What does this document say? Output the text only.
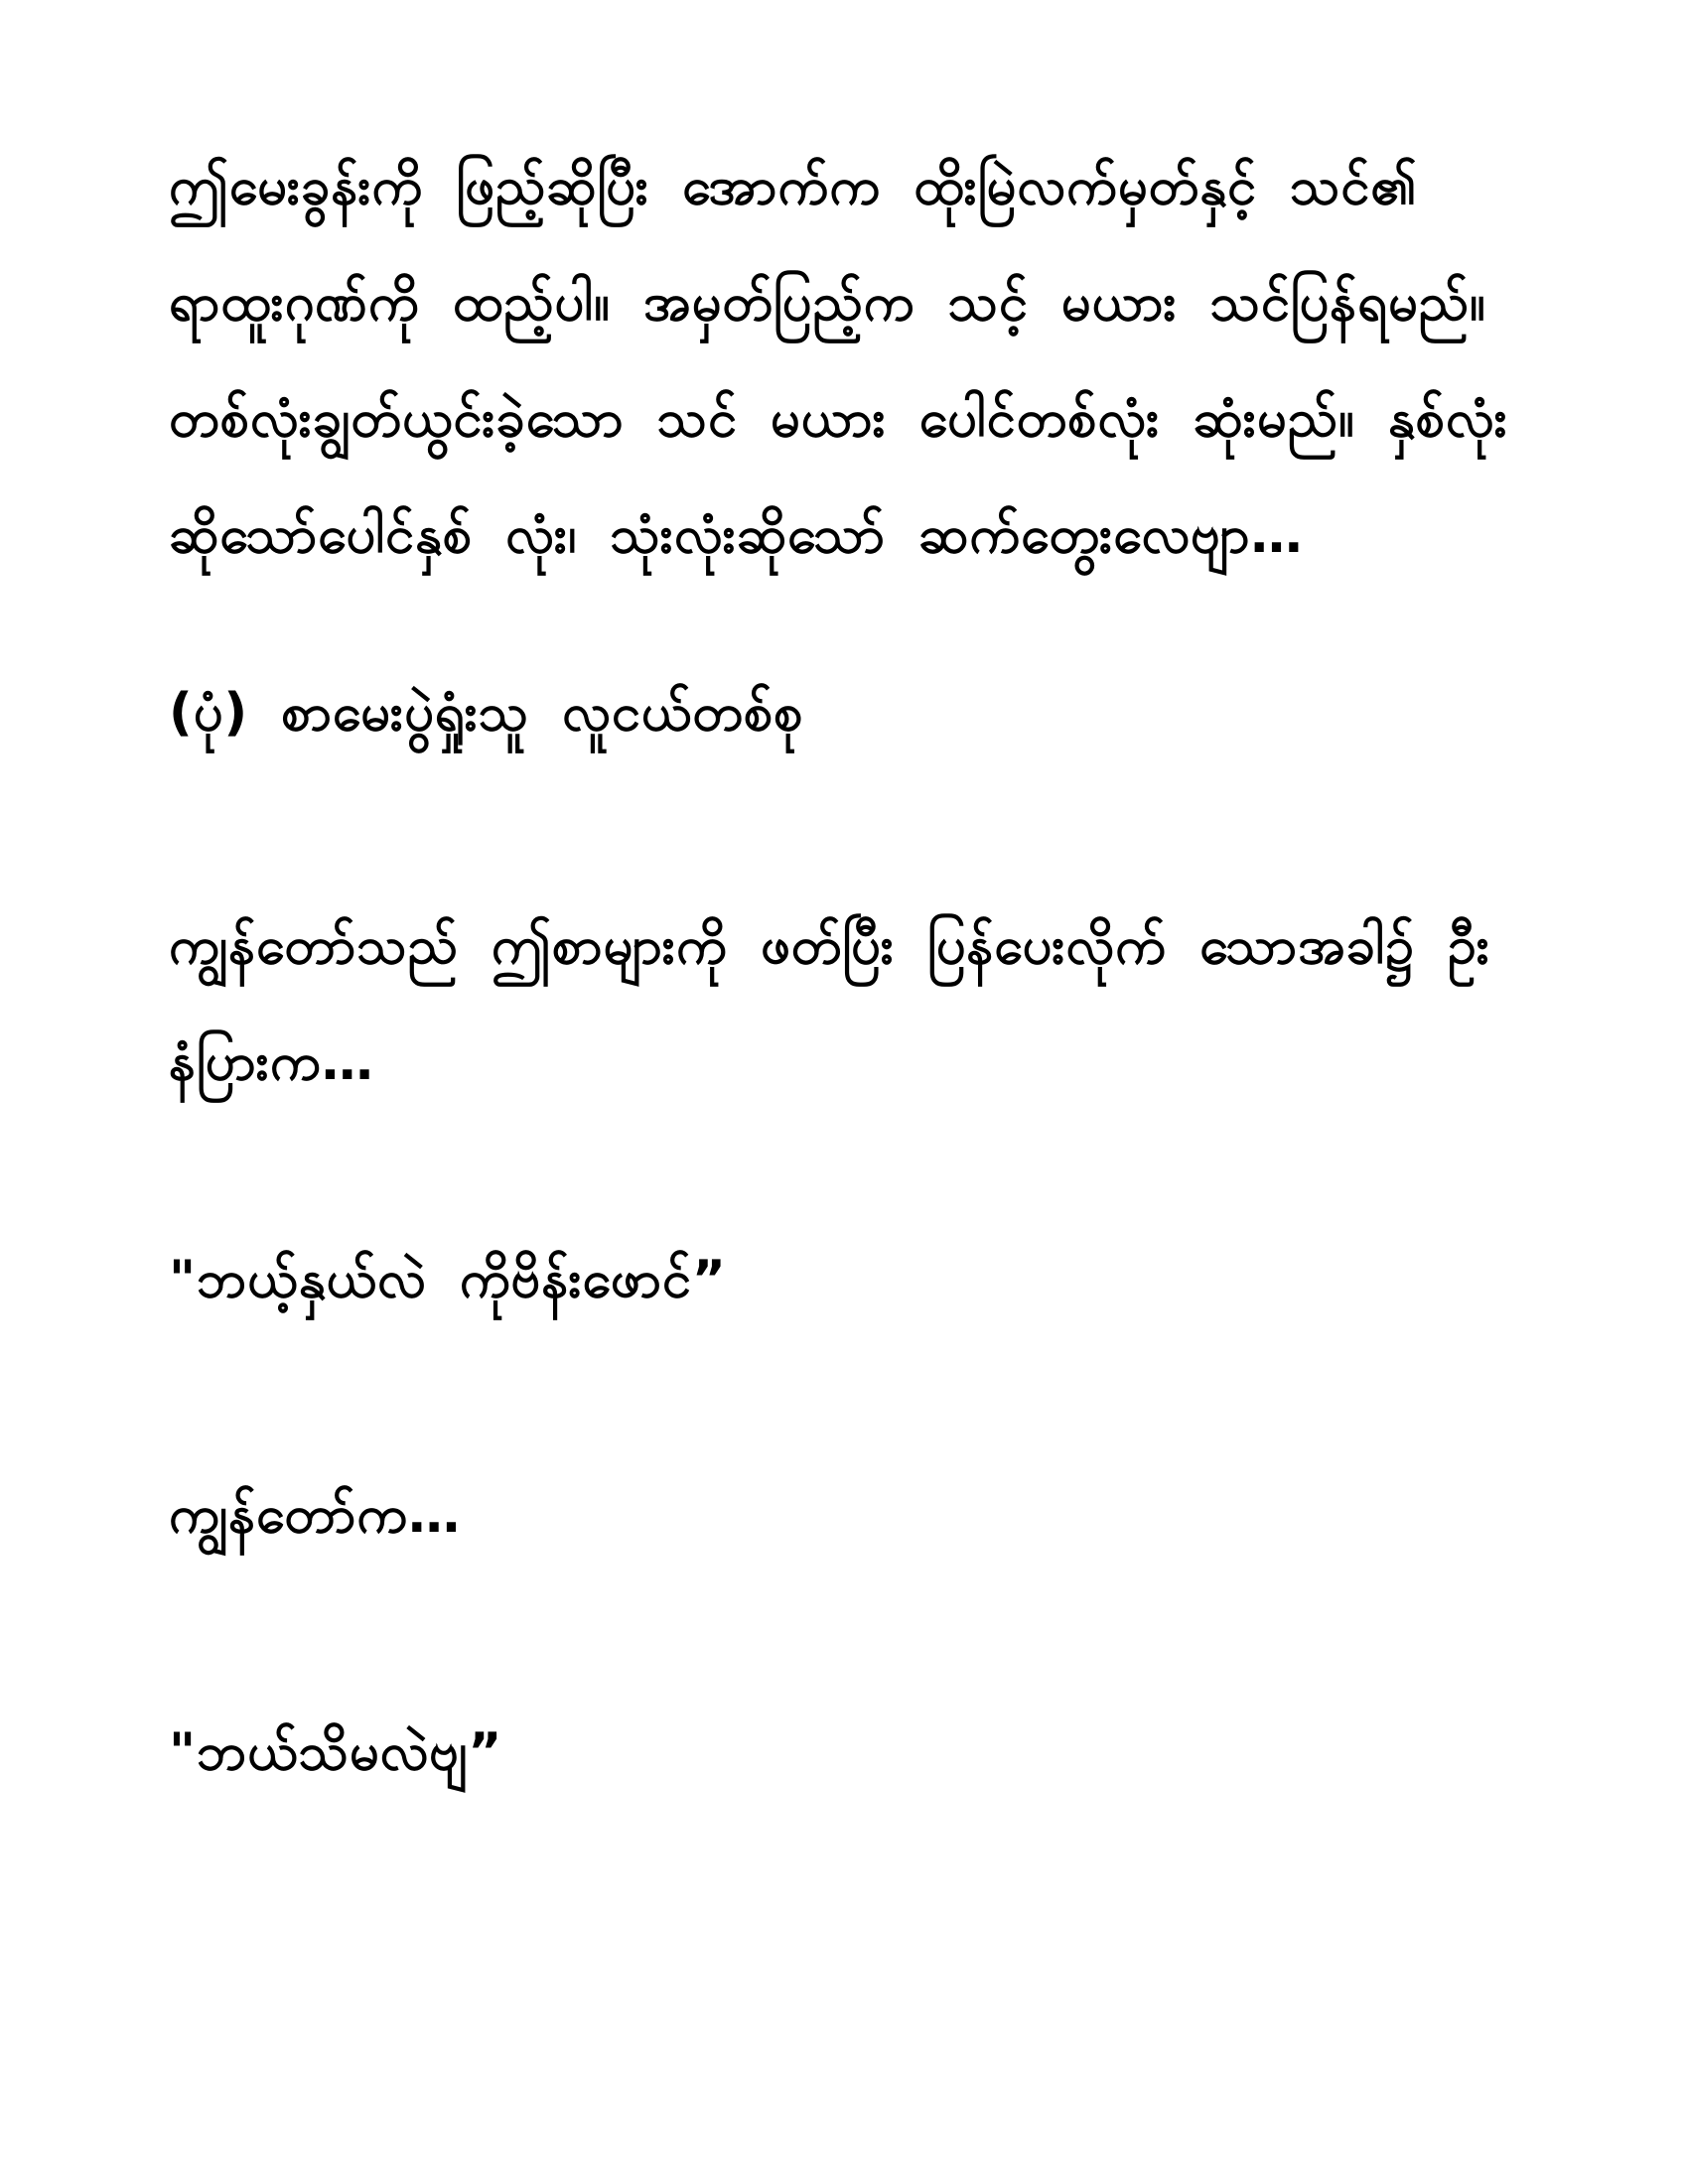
ဤမေးခွန်းကို ဖြည့်ဆိုပြီး အောက်က ထိုးမြဲလက်မှတ်နှင့် သင်၏ ရာထူးဂုဏ်ကို ထည့်ပါ။ အမှတ်ပြည့်က သင့် မယား သင်ပြန်ရမည်။ တစ်လုံးချွတ်ယွင်းခဲ့သော သင် မယား ပေါင်တစ်လုံး ဆုံးမည်။ နှစ်လုံးဆိုသော်ပေါင်နှစ် လုံး၊ သုံးလုံးဆိုသော် ဆက်တွေးလေဗျာ…

(ပုံ) စာမေးပွဲရှုံးသူ လူငယ်တစ်စု

ကျွန်တော်သည် ဤစာများကို ဖတ်ပြီး ပြန်ပေးလိုက် သောအခါ၌ ဦးနံပြားက…

"ဘယ့်နှယ်လဲ ကိုဗိန်းဖောင်”

ကျွန်တော်က…

"ဘယ်သိမလဲဗျ”
